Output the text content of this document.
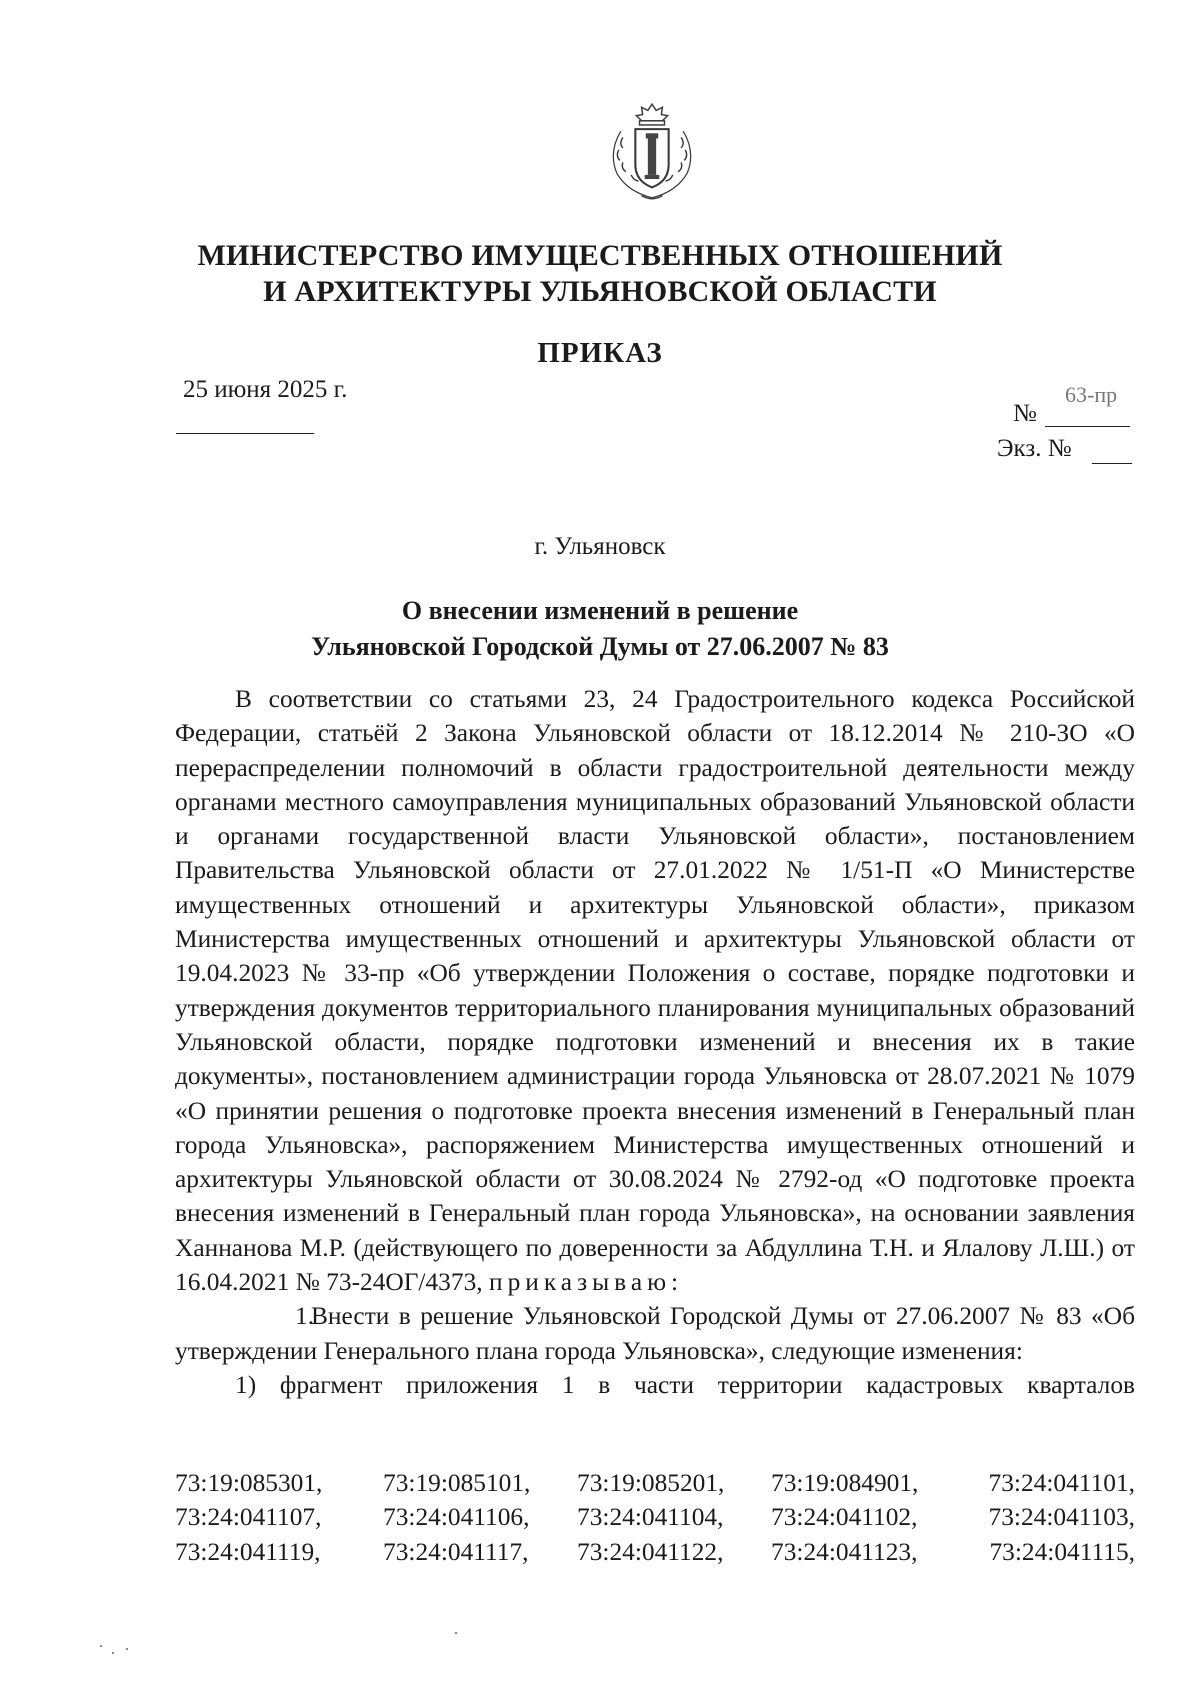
МИНИСТЕРСТВО ИМУЩЕСТВЕННЫХ ОТНОШЕНИЙ
И АРХИТЕКТУРЫ УЛЬЯНОВСКОЙ ОБЛАСТИ
ПРИКАЗ
25 июня 2025 г.	63-пр
№
Экз. №
г. Ульяновск
О внесении изменений в решение
Ульяновской Городской Думы от 27.06.2007 № 83

В соответствии со статьями 23, 24 Градостроительного кодекса Российской Федерации, статьёй 2 Закона Ульяновской области от 18.12.2014 № 210-ЗО «О перераспределении полномочий в области градостроительной деятельности между органами местного самоуправления муниципальных образований Ульяновской области и органами государственной власти Ульяновской области», постановлением Правительства Ульяновской области от 27.01.2022 № 1/51-П «О Министерстве имущественных отношений и архитектуры Ульяновской области», приказом Министерства имущественных отношений и архитектуры Ульяновской области от 19.04.2023 № 33-пр «Об утверждении Положения о составе, порядке подготовки и утверждения документов территориального планирования муниципальных образований Ульяновской области, порядке подготовки изменений и внесения их в такие документы», постановлением администрации города Ульяновска от 28.07.2021 № 1079 «О принятии решения о подготовке проекта внесения изменений в Генеральный план города Ульяновска», распоряжением Министерства имущественных отношений и архитектуры Ульяновской области от 30.08.2024 № 2792-од «О подготовке проекта внесения изменений в Генеральный план города Ульяновска», на основании заявления Ханнанова М.Р. (действующего по доверенности за Абдуллина Т.Н. и Ялалову Л.Ш.) от 16.04.2021 № 73-24ОГ/4373, приказываю:

1.Внести в решение Ульяновской Городской Думы от 27.06.2007 № 83 «Об утверждении Генерального плана города Ульяновска», следующие изменения:

1) фрагмент приложения 1 в части территории кадастровых кварталов

73:19:085301,	73:19:085101,	73:19:085201,	73:19:084901,	73:24:041101,
73:24:041107,	73:24:041106,	73:24:041104,	73:24:041102,	73:24:041103,
73:24:041119,	73:24:041117,	73:24:041122,	73:24:041123,	73:24:041115,
